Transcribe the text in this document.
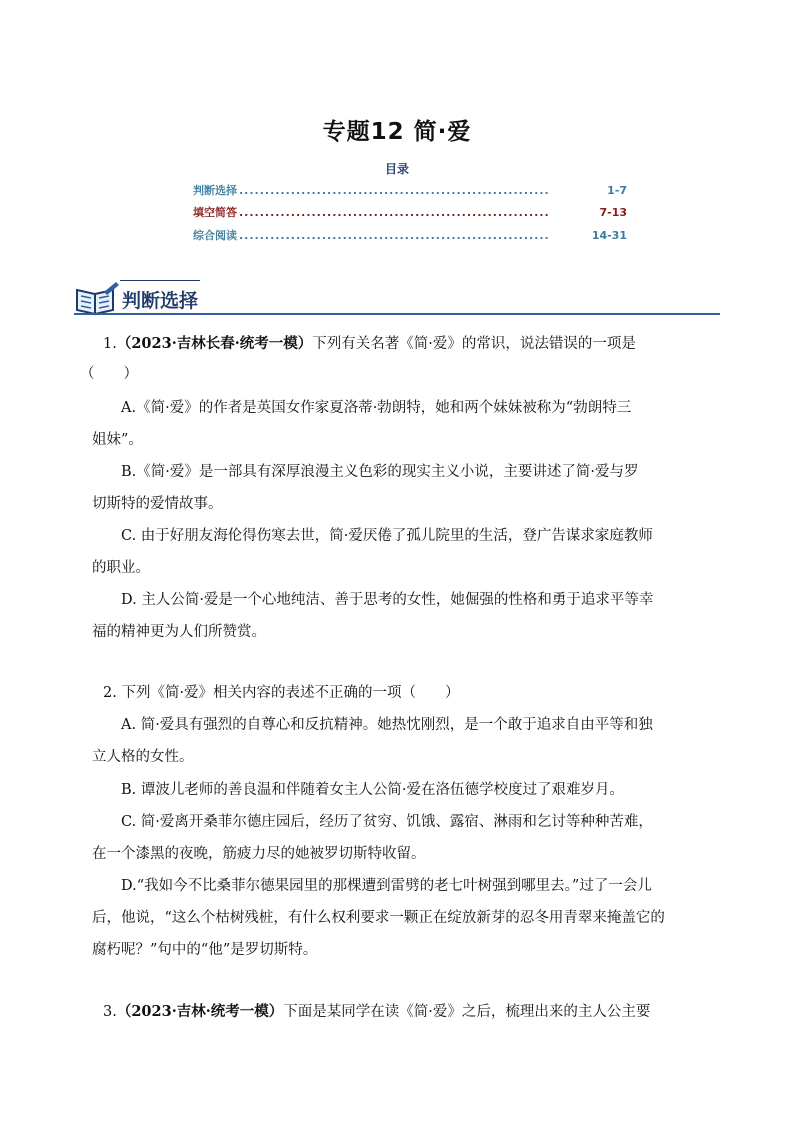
专题12 简·爱
目录
判断选择 ............................................................	1-7
填空简答 ............................................................	7-13
综合阅读 ............................................................	14-31
判断选择
1.（2023·吉林长春·统考一模）下列有关名著《简·爱》的常识，说法错误的一项是
（　　）
A.《简·爱》的作者是英国女作家夏洛蒂·勃朗特，她和两个妹妹被称为“勃朗特三
姐妹”。
B.《简·爱》是一部具有深厚浪漫主义色彩的现实主义小说，主要讲述了简·爱与罗
切斯特的爱情故事。
C. 由于好朋友海伦得伤寒去世，简·爱厌倦了孤儿院里的生活，登广告谋求家庭教师
的职业。
D. 主人公简·爱是一个心地纯洁、善于思考的女性，她倔强的性格和勇于追求平等幸
福的精神更为人们所赞赏。
2. 下列《简·爱》相关内容的表述不正确的一项（　　）
A. 简·爱具有强烈的自尊心和反抗精神。她热忱刚烈，是一个敢于追求自由平等和独
立人格的女性。
B. 谭波儿老师的善良温和伴随着女主人公简·爱在洛伍德学校度过了艰难岁月。
C. 简·爱离开桑菲尔德庄园后，经历了贫穷、饥饿、露宿、淋雨和乞讨等种种苦难，
在一个漆黑的夜晚，筋疲力尽的她被罗切斯特收留。
D.“我如今不比桑菲尔德果园里的那棵遭到雷劈的老七叶树强到哪里去。”过了一会儿
后，他说，“这么个枯树残桩，有什么权利要求一颗正在绽放新芽的忍冬用青翠来掩盖它的
腐朽呢？”句中的“他”是罗切斯特。
3.（2023·吉林·统考一模）下面是某同学在读《简·爱》之后，梳理出来的主人公主要
